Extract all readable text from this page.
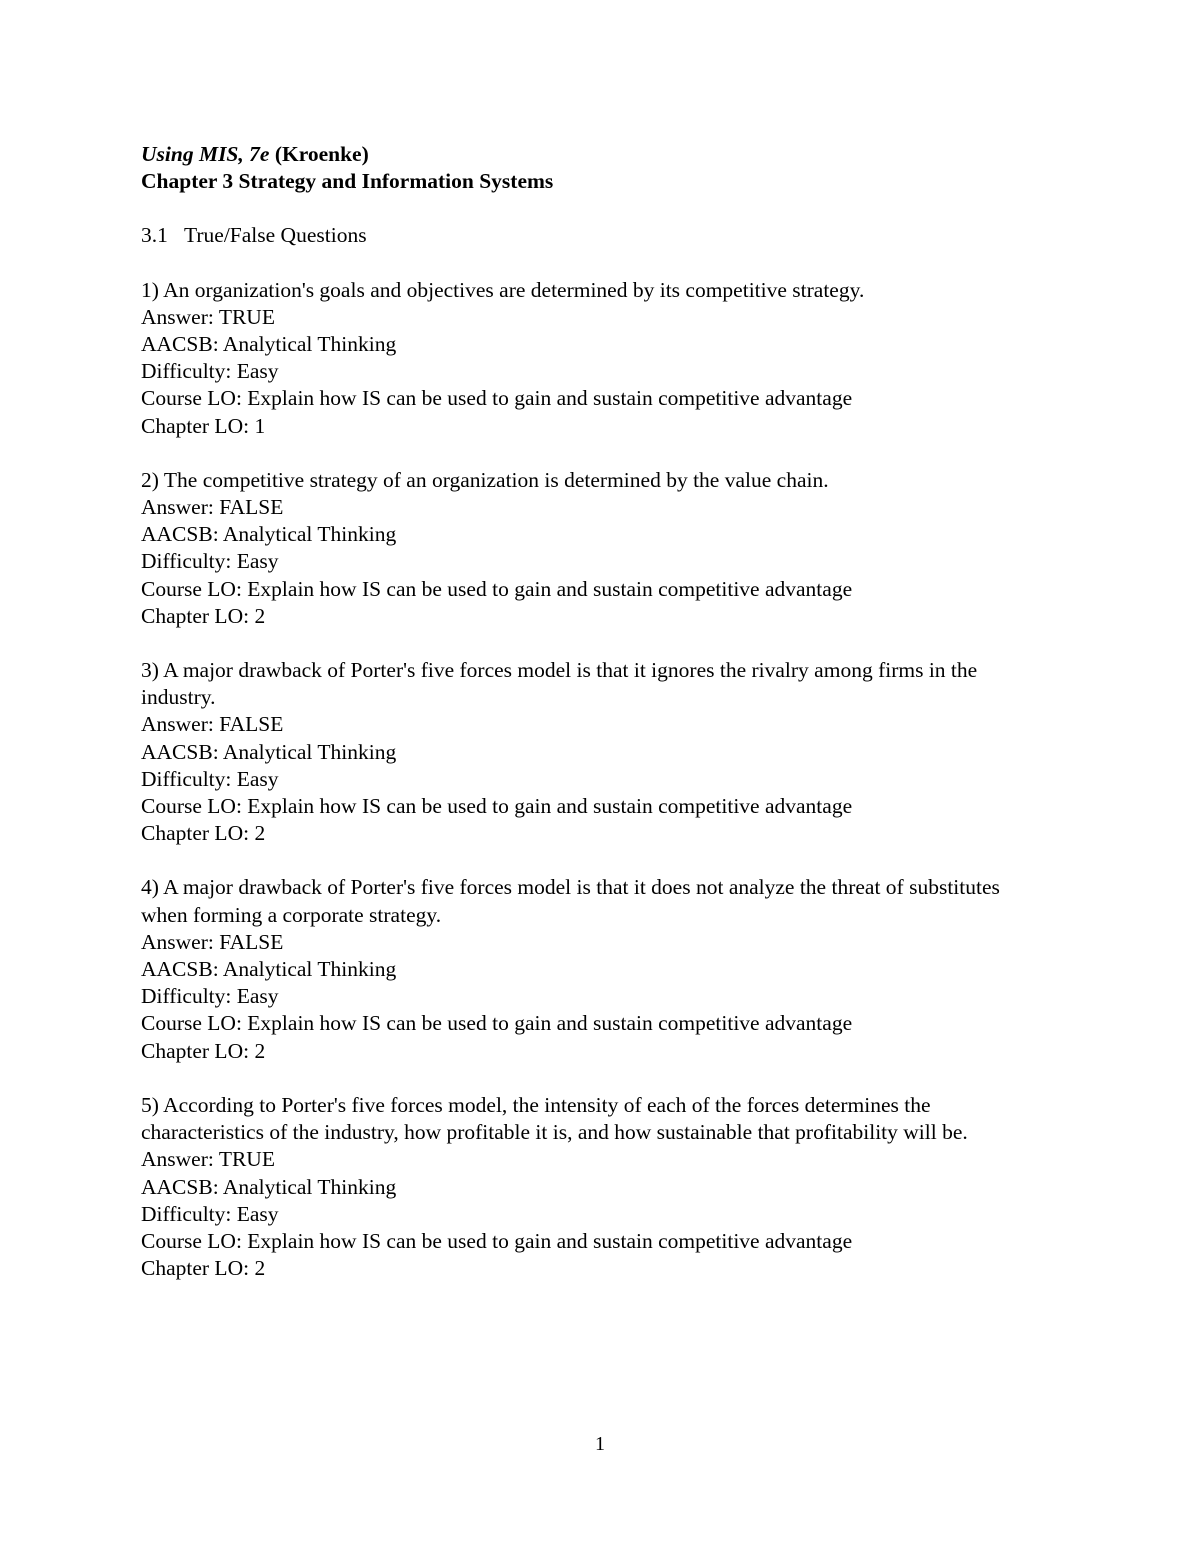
Using MIS, 7e (Kroenke)

Chapter 3 Strategy and Information Systems

3.1 True/False Questions

1) An organization's goals and objectives are determined by its competitive strategy.

Answer: TRUE

AACSB: Analytical Thinking

Difficulty: Easy

Course LO: Explain how IS can be used to gain and sustain competitive advantage

Chapter LO: 1

2) The competitive strategy of an organization is determined by the value chain.

Answer: FALSE

AACSB: Analytical Thinking

Difficulty: Easy

Course LO: Explain how IS can be used to gain and sustain competitive advantage

Chapter LO: 2

3) A major drawback of Porter's five forces model is that it ignores the rivalry among firms in the industry.

Answer: FALSE

AACSB: Analytical Thinking

Difficulty: Easy

Course LO: Explain how IS can be used to gain and sustain competitive advantage

Chapter LO: 2

4) A major drawback of Porter's five forces model is that it does not analyze the threat of substitutes when forming a corporate strategy.

Answer: FALSE

AACSB: Analytical Thinking

Difficulty: Easy

Course LO: Explain how IS can be used to gain and sustain competitive advantage

Chapter LO: 2

5) According to Porter's five forces model, the intensity of each of the forces determines the characteristics of the industry, how profitable it is, and how sustainable that profitability will be.

Answer: TRUE

AACSB: Analytical Thinking

Difficulty: Easy

Course LO: Explain how IS can be used to gain and sustain competitive advantage

Chapter LO: 2

1
